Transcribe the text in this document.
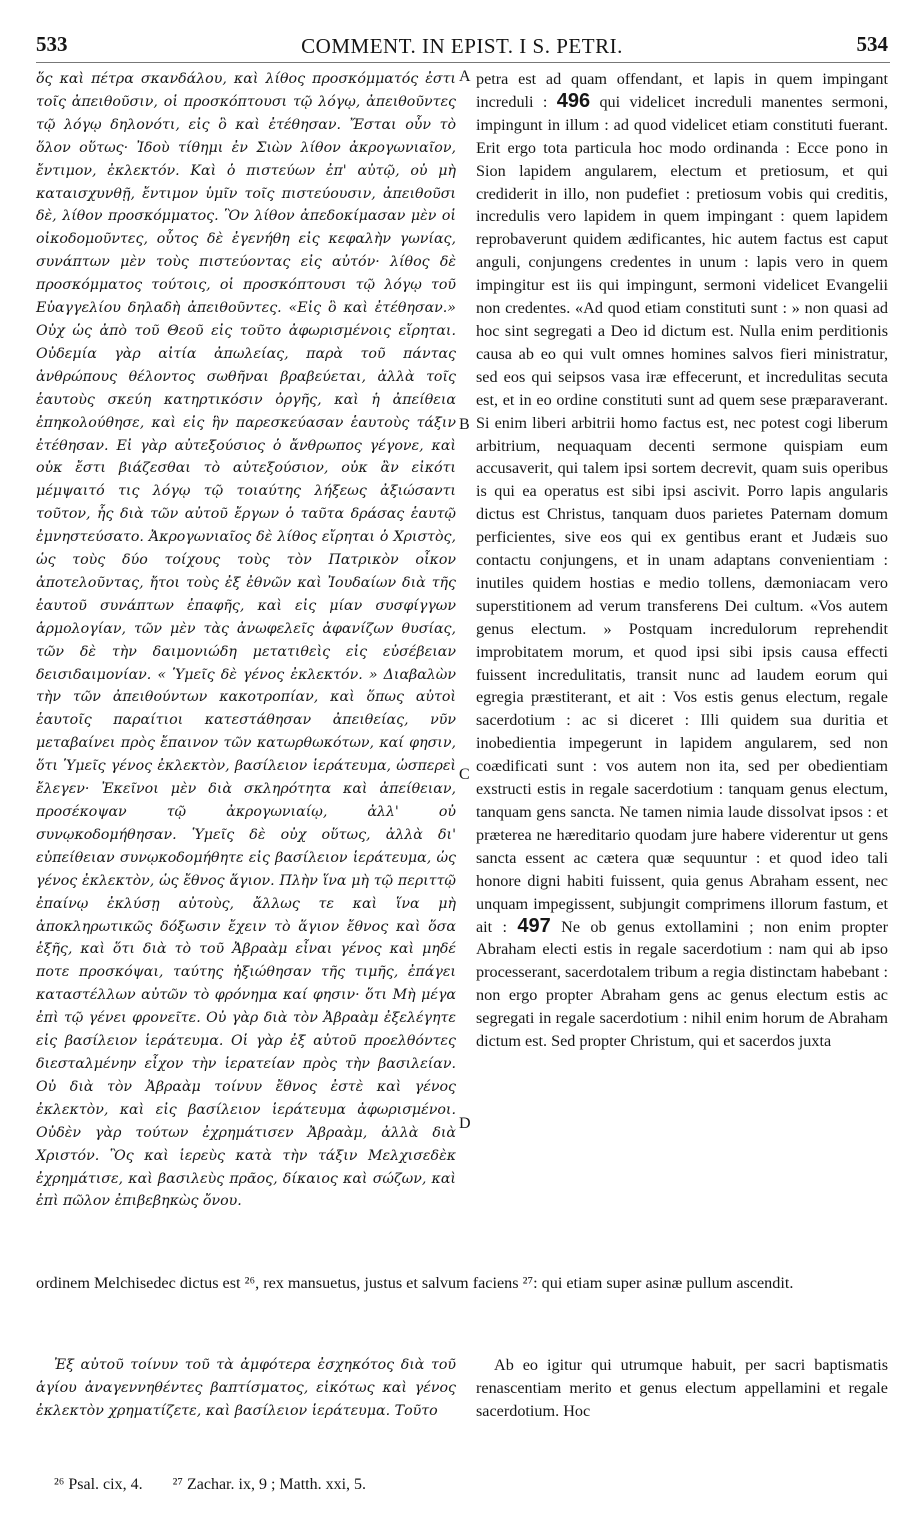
533	COMMENT. IN EPIST. I S. PETRI.	534

ὅς καὶ πέτρα σκανδάλου, καὶ λίθος προσκόμματός ἐστι τοῖς ἀπειθοῦσιν, οἱ προσκόπτουσι τῷ λόγῳ, ἀπειθοῦντες τῷ λόγῳ δηλονότι, εἰς ὃ καὶ ἐτέθησαν. Ἔσται οὖν τὸ ὅλον οὕτως· Ἰδοὺ τίθημι ἐν Σιὼν λίθον ἀκρογωνιαῖον, ἔντιμον, ἐκλεκτόν. Καὶ ὁ πιστεύων ἐπ' αὐτῷ, οὐ μὴ καταισχυνθῇ, ἔντιμον ὑμῖν τοῖς πιστεύουσιν, ἀπειθοῦσι δὲ, λίθον προσκόμματος. Ὃν λίθον ἀπεδοκίμασαν μὲν οἱ οἰκοδομοῦντες, οὗτος δὲ ἐγενήθη εἰς κεφαλὴν γωνίας, συνάπτων μὲν τοὺς πιστεύοντας εἰς αὐτόν· λίθος δὲ προσκόμματος τούτοις, οἱ προσκόπτουσι τῷ λόγῳ τοῦ Εὐαγγελίου δηλαδὴ ἀπειθοῦντες. «Εἰς ὃ καὶ ἐτέθησαν.» Οὐχ ὡς ἀπὸ τοῦ Θεοῦ εἰς τοῦτο ἀφωρισμένοις εἴρηται. Οὐδεμία γὰρ αἰτία ἀπωλείας, παρὰ τοῦ πάντας ἀνθρώπους θέλοντος σωθῆναι βραβεύεται, ἀλλὰ τοῖς ἑαυτοὺς σκεύη κατηρτικόσιν ὀργῆς, καὶ ἡ ἀπείθεια ἐπηκολούθησε, καὶ εἰς ἣν παρεσκεύασαν ἑαυτοὺς τάξιν ἐτέθησαν. Εἰ γὰρ αὐτεξούσιος ὁ ἄνθρωπος γέγονε, καὶ οὐκ ἔστι βιάζεσθαι τὸ αὐτεξούσιον, οὐκ ἂν εἰκότι μέμψαιτό τις λόγῳ τῷ τοιαύτης λήξεως ἀξιώσαντι τοῦτον, ἧς διὰ τῶν αὐτοῦ ἔργων ὁ ταῦτα δράσας ἑαυτῷ ἐμνηστεύσατο. Ἀκρογωνιαῖος δὲ λίθος εἴρηται ὁ Χριστὸς, ὡς τοὺς δύο τοίχους τοὺς τὸν Πατρικὸν οἶκον ἀποτελοῦντας, ἤτοι τοὺς ἐξ ἐθνῶν καὶ Ἰουδαίων διὰ τῆς ἑαυτοῦ συνάπτων ἐπαφῆς, καὶ εἰς μίαν συσφίγγων ἁρμολογίαν, τῶν μὲν τὰς ἀνωφελεῖς ἀφανίζων θυσίας, τῶν δὲ τὴν δαιμονιώδη μετατιθεὶς εἰς εὐσέβειαν δεισιδαιμονίαν. « Ὑμεῖς δὲ γένος ἐκλεκτόν. » Διαβαλὼν τὴν τῶν ἀπειθούντων κακοτροπίαν, καὶ ὅπως αὐτοὶ ἑαυτοῖς παραίτιοι κατεστάθησαν ἀπειθείας, νῦν μεταβαίνει πρὸς ἔπαινον τῶν κατωρθωκότων, καί φησιν, ὅτι Ὑμεῖς γένος ἐκλεκτὸν, βασίλειον ἱεράτευμα, ὡσπερεὶ ἔλεγεν· Ἐκεῖνοι μὲν διὰ σκληρότητα καὶ ἀπείθειαν, προσέκοψαν τῷ ἀκρογωνιαίῳ, ἀλλ' οὐ συνῳκοδομήθησαν. Ὑμεῖς δὲ οὐχ οὕτως, ἀλλὰ δι' εὐπείθειαν συνῳκοδομήθητε εἰς βασίλειον ἱεράτευμα, ὡς γένος ἐκλεκτὸν, ὡς ἔθνος ἅγιον. Πλὴν ἵνα μὴ τῷ περιττῷ ἐπαίνῳ ἐκλύσῃ αὐτοὺς, ἄλλως τε καὶ ἵνα μὴ ἀποκληρωτικῶς δόξωσιν ἔχειν τὸ ἅγιον ἔθνος καὶ ὅσα ἑξῆς, καὶ ὅτι διὰ τὸ τοῦ Ἀβραὰμ εἶναι γένος καὶ μηδέ ποτε προσκόψαι, ταύτης ἠξιώθησαν τῆς τιμῆς, ἐπάγει καταστέλλων αὐτῶν τὸ φρόνημα καί φησιν· ὅτι Μὴ μέγα ἐπὶ τῷ γένει φρονεῖτε. Οὐ γὰρ διὰ τὸν Ἀβραὰμ ἐξελέγητε εἰς βασίλειον ἱεράτευμα. Οἱ γὰρ ἐξ αὐτοῦ προελθόντες διεσταλμένην εἶχον τὴν ἱερατείαν πρὸς τὴν βασιλείαν. Οὐ διὰ τὸν Ἀβραὰμ τοίνυν ἔθνος ἐστὲ καὶ γένος ἐκλεκτὸν, καὶ εἰς βασίλειον ἱεράτευμα ἀφωρισμένοι. Οὐδὲν γὰρ τούτων ἐχρημάτισεν Ἀβραὰμ, ἀλλὰ διὰ Χριστόν. Ὃς καὶ ἱερεὺς κατὰ τὴν τάξιν Μελχισεδὲκ ἐχρημάτισε, καὶ βασιλεὺς πρᾶος, δίκαιος καὶ σώζων, καὶ ἐπὶ πῶλον ἐπιβεβηκὼς ὄνου.

petra est ad quam offendant, et lapis in quem impingant increduli : 496 qui videlicet increduli manentes sermoni, impingunt in illum : ad quod videlicet etiam constituti fuerant. Erit ergo tota particula hoc modo ordinanda : Ecce pono in Sion lapidem angularem, electum et pretiosum, et qui crediderit in illo, non pudefiet : pretiosum vobis qui creditis, incredulis vero lapidem in quem impingant : quem lapidem reprobaverunt quidem ædificantes, hic autem factus est caput anguli, conjungens credentes in unum : lapis vero in quem impingitur est iis qui impingunt, sermoni videlicet Evangelii non credentes. «Ad quod etiam constituti sunt : » non quasi ad hoc sint segregati a Deo id dictum est. Nulla enim perditionis causa ab eo qui vult omnes homines salvos fieri ministratur, sed eos qui seipsos vasa iræ effecerunt, et incredulitas secuta est, et in eo ordine constituti sunt ad quem sese præparaverant. Si enim liberi arbitrii homo factus est, nec potest cogi liberum arbitrium, nequaquam decenti sermone quispiam eum accusaverit, qui talem ipsi sortem decrevit, quam suis operibus is qui ea operatus est sibi ipsi ascivit. Porro lapis angularis dictus est Christus, tanquam duos parietes Paternam domum perficientes, sive eos qui ex gentibus erant et Judæis suo contactu conjungens, et in unam adaptans convenientiam : inutiles quidem hostias e medio tollens, dæmoniacam vero superstitionem ad verum transferens Dei cultum. «Vos autem genus electum. » Postquam incredulorum reprehendit improbitatem morum, et quod ipsi sibi ipsis causa effecti fuissent incredulitatis, transit nunc ad laudem eorum qui egregia præstiterant, et ait : Vos estis genus electum, regale sacerdotium : ac si diceret : Illi quidem sua duritia et inobedientia impegerunt in lapidem angularem, sed non coædificati sunt : vos autem non ita, sed per obedientiam exstructi estis in regale sacerdotium : tanquam genus electum, tanquam gens sancta. Ne tamen nimia laude dissolvat ipsos : et præterea ne hæreditario quodam jure habere viderentur ut gens sancta essent ac cætera quæ sequuntur : et quod ideo tali honore digni habiti fuissent, quia genus Abraham essent, nec unquam impegissent, subjungit comprimens illorum fastum, et ait : 497 Ne ob genus extollamini ; non enim propter Abraham electi estis in regale sacerdotium : nam qui ab ipso processerant, sacerdotalem tribum a regia distinctam habebant : non ergo propter Abraham gens ac genus electum estis ac segregati in regale sacerdotium : nihil enim horum de Abraham dictum est. Sed propter Christum, qui et sacerdos juxta

A
B
C
D

ordinem Melchisedec dictus est ²⁶, rex mansuetus, justus et salvum faciens ²⁷: qui etiam super asinæ pullum ascendit.

Ἐξ αὐτοῦ τοίνυν τοῦ τὰ ἀμφότερα ἐσχηκότος διὰ τοῦ ἁγίου ἀναγεννηθέντες βαπτίσματος, εἰκότως καὶ γένος ἐκλεκτὸν χρηματίζετε, καὶ βασίλειον ἱεράτευμα. Τοῦτο

Ab eo igitur qui utrumque habuit, per sacri baptismatis renascentiam merito et genus electum appellamini et regale sacerdotium. Hoc

²⁶ Psal. cix, 4. ²⁷ Zachar. ix, 9 ; Matth. xxi, 5.
